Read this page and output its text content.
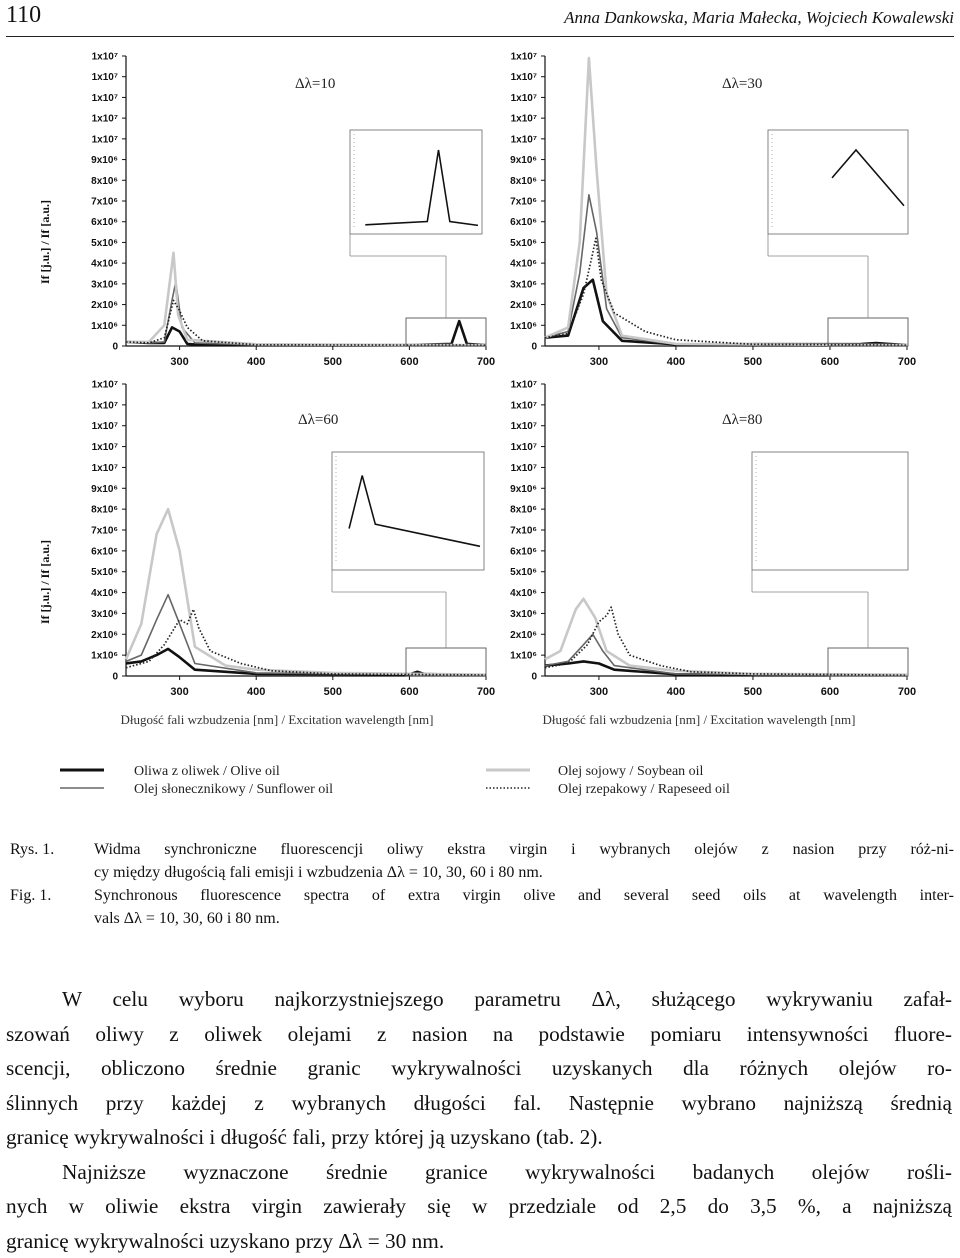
110	Anna Dankowska, Maria Małecka, Wojciech Kowalewski
If [j.u.] / If [a.u.]
If [j.u.] / If [a.u.]
Długość fali wzbudzenia [nm] / Excitation wavelength [nm]	Długość fali wzbudzenia [nm] / Excitation wavelength [nm]
Oliwa z oliwek / Olive oil
Olej słonecznikowy / Sunflower oil
Olej sojowy / Soybean oil
Olej rzepakowy / Rapeseed oil
0
1x10⁶
2x10⁶
3x10⁶
4x10⁶
5x10⁶
6x10⁶
7x10⁶
8x10⁶
9x10⁶
1x10⁷
1x10⁷
1x10⁷
1x10⁷
1x10⁷
300	400	500	600	700
Δλ=10
0
1x10⁶
2x10⁶
3x10⁶
4x10⁶
5x10⁶
6x10⁶
7x10⁶
8x10⁶
9x10⁶
1x10⁷
1x10⁷
1x10⁷
1x10⁷
1x10⁷
300	400	500	600	700
Δλ=30
0
1x10⁶
2x10⁶
3x10⁶
4x10⁶
5x10⁶
6x10⁶
7x10⁶
8x10⁶
9x10⁶
1x10⁷
1x10⁷
1x10⁷
1x10⁷
1x10⁷
300	400	500	600	700
Δλ=60
0
1x10⁶
2x10⁶
3x10⁶
4x10⁶
5x10⁶
6x10⁶
7x10⁶
8x10⁶
9x10⁶
1x10⁷
1x10⁷
1x10⁷
1x10⁷
1x10⁷
300	400	500	600	700
Δλ=80
Rys. 1. Widma synchroniczne fluorescencji oliwy ekstra virgin i wybranych olejów z nasion przy róż-ni-
cy między długością fali emisji i wzbudzenia Δλ = 10, 30, 60 i 80 nm.
Fig. 1.	Synchronous fluorescence spectra of extra virgin olive and several seed oils at wavelength inter-
vals Δλ = 10, 30, 60 i 80 nm.
W celu wyboru najkorzystniejszego parametru Δλ, służącego wykrywaniu zafał-
szowań oliwy z oliwek olejami z nasion na podstawie pomiaru intensywności fluore-
scencji, obliczono średnie granic wykrywalności uzyskanych dla różnych olejów ro-
ślinnych przy każdej z wybranych długości fal. Następnie wybrano najniższą średnią
granicę wykrywalności i długość fali, przy której ją uzyskano (tab. 2).
Najniższe wyznaczone średnie granice wykrywalności badanych olejów rośli-
nych w oliwie ekstra virgin zawierały się w przedziale od 2,5 do 3,5 %, a najniższą
granicę wykrywalności uzyskano przy Δλ = 30 nm.
